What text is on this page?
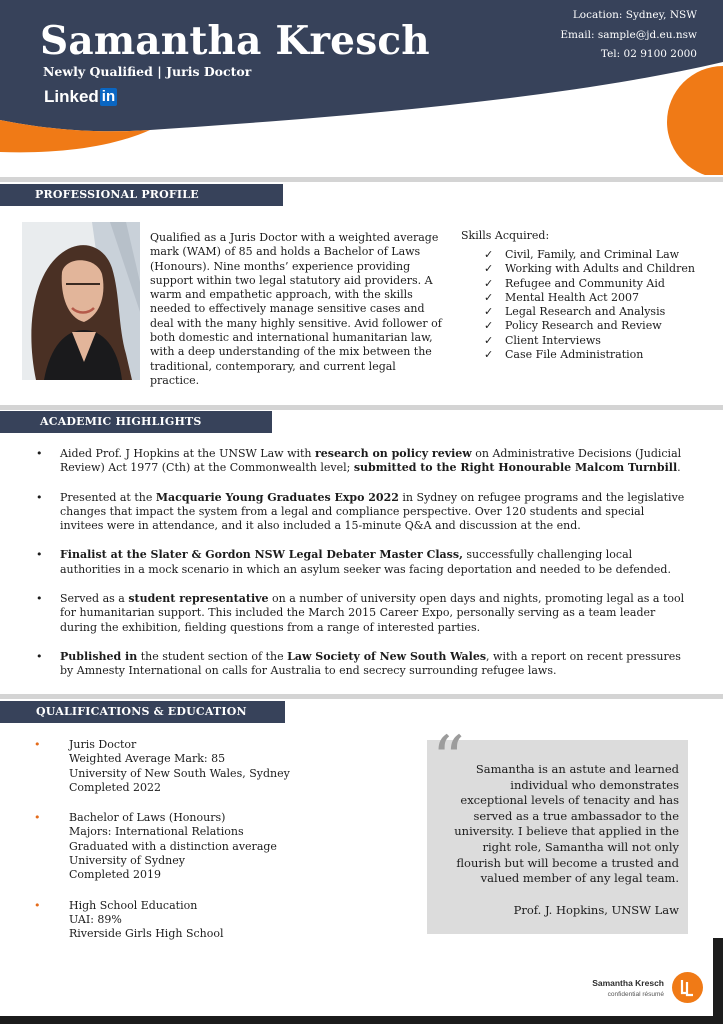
Samantha Kresch
Newly Qualified | Juris Doctor
Linked in
Location: Sydney, NSW
Email: sample@jd.eu.nsw
Tel: 02 9100 2000
PROFESSIONAL PROFILE
Qualified as a Juris Doctor with a weighted average mark (WAM) of 85 and holds a Bachelor of Laws (Honours). Nine months’ experience providing support within two legal statutory aid providers. A warm and empathetic approach, with the skills needed to effectively manage sensitive cases and deal with the many highly sensitive. Avid follower of both domestic and international humanitarian law, with a deep understanding of the mix between the traditional, contemporary, and current legal practice.
Skills Acquired:
✓	Civil, Family, and Criminal Law
✓	Working with Adults and Children
✓	Refugee and Community Aid
✓	Mental Health Act 2007
✓	Legal Research and Analysis
✓	Policy Research and Review
✓	Client Interviews
✓	Case File Administration
ACADEMIC HIGHLIGHTS
• Aided Prof. J Hopkins at the UNSW Law with research on policy review on Administrative Decisions (Judicial Review) Act 1977 (Cth) at the Commonwealth level; submitted to the Right Honourable Malcom Turnbill.
• Presented at the Macquarie Young Graduates Expo 2022 in Sydney on refugee programs and the legislative changes that impact the system from a legal and compliance perspective. Over 120 students and special invitees were in attendance, and it also included a 15-minute Q&A and discussion at the end.
• Finalist at the Slater & Gordon NSW Legal Debater Master Class, successfully challenging local authorities in a mock scenario in which an asylum seeker was facing deportation and needed to be defended.
• Served as a student representative on a number of university open days and nights, promoting legal as a tool for humanitarian support. This included the March 2015 Career Expo, personally serving as a team leader during the exhibition, fielding questions from a range of interested parties.
• Published in the student section of the Law Society of New South Wales, with a report on recent pressures by Amnesty International on calls for Australia to end secrecy surrounding refugee laws.
QUALIFICATIONS & EDUCATION
• Juris Doctor
Weighted Average Mark: 85
University of New South Wales, Sydney
Completed 2022
• Bachelor of Laws (Honours)
Majors: International Relations
Graduated with a distinction average
University of Sydney
Completed 2019
• High School Education
UAI: 89%
Riverside Girls High School
“ Samantha is an astute and learned individual who demonstrates exceptional levels of tenacity and has served as a true ambassador to the university. I believe that applied in the right role, Samantha will not only flourish but will become a trusted and valued member of any legal team.
Prof. J. Hopkins, UNSW Law
Samantha Kresch
confidential résumé
